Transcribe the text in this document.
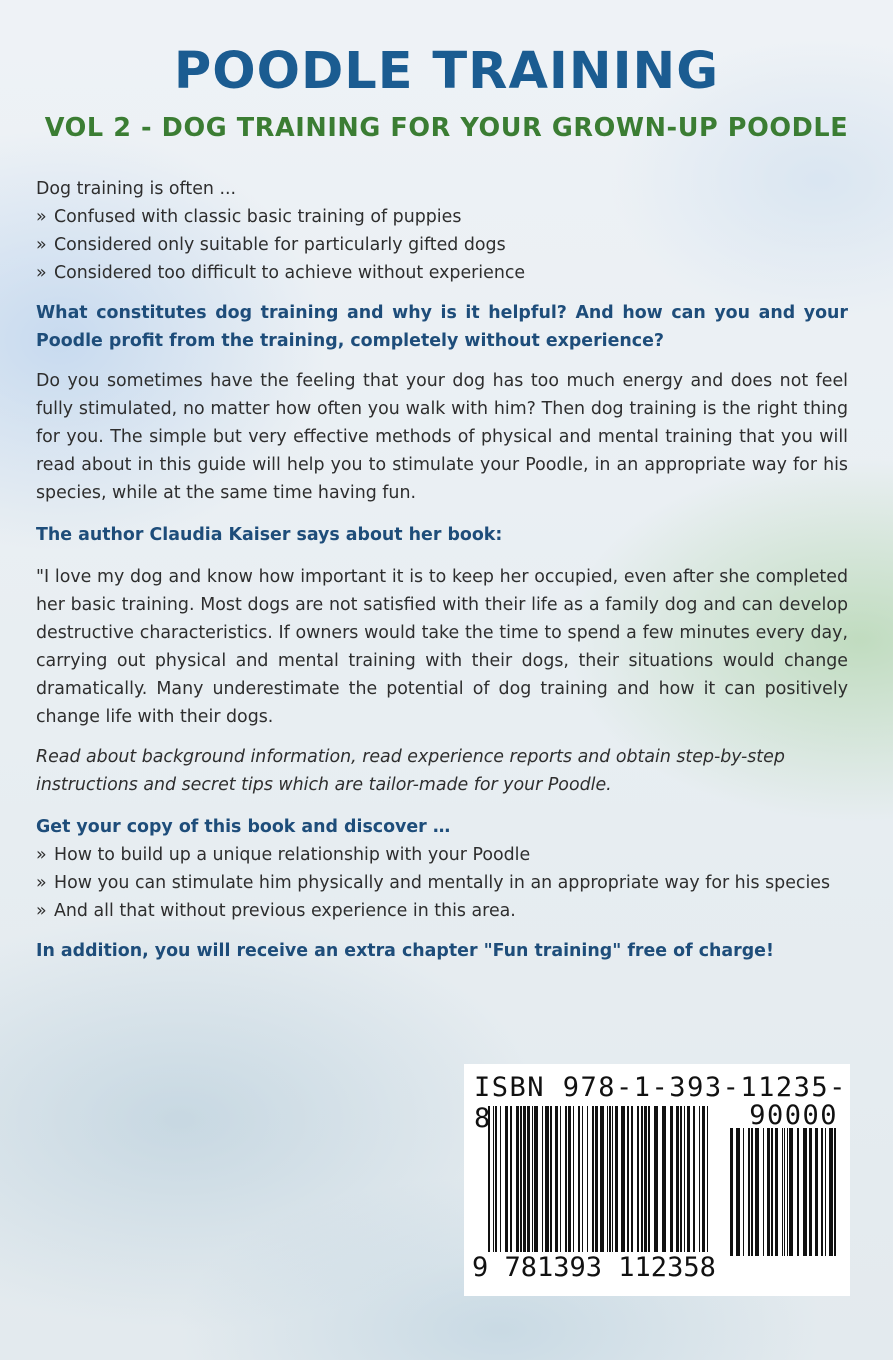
POODLE TRAINING
VOL 2 - DOG TRAINING FOR YOUR GROWN-UP POODLE

Dog training is often ...

» Confused with classic basic training of puppies
» Considered only suitable for particularly gifted dogs
» Considered too difficult to achieve without experience

What constitutes dog training and why is it helpful? And how can you and your Poodle profit from the training, completely without experience?

Do you sometimes have the feeling that your dog has too much energy and does not feel fully stimulated, no matter how often you walk with him? Then dog training is the right thing for you. The simple but very effective methods of physical and mental training that you will read about in this guide will help you to stimulate your Poodle, in an appropriate way for his species, while at the same time having fun.

The author Claudia Kaiser says about her book:

"I love my dog and know how important it is to keep her occupied, even after she completed her basic training. Most dogs are not satisfied with their life as a family dog and can develop destructive characteristics. If owners would take the time to spend a few minutes every day, carrying out physical and mental training with their dogs, their situations would change dramatically. Many underestimate the potential of dog training and how it can positively change life with their dogs.

Read about background information, read experience reports and obtain step-by-step instructions and secret tips which are tailor-made for your Poodle.

Get your copy of this book and discover …

» How to build up a unique relationship with your Poodle
» How you can stimulate him physically and mentally in an appropriate way for his species
» And all that without previous experience in this area.

In addition, you will receive an extra chapter "Fun training" free of charge!

ISBN 978-1-393-11235-8	90000

9 781393 112358
